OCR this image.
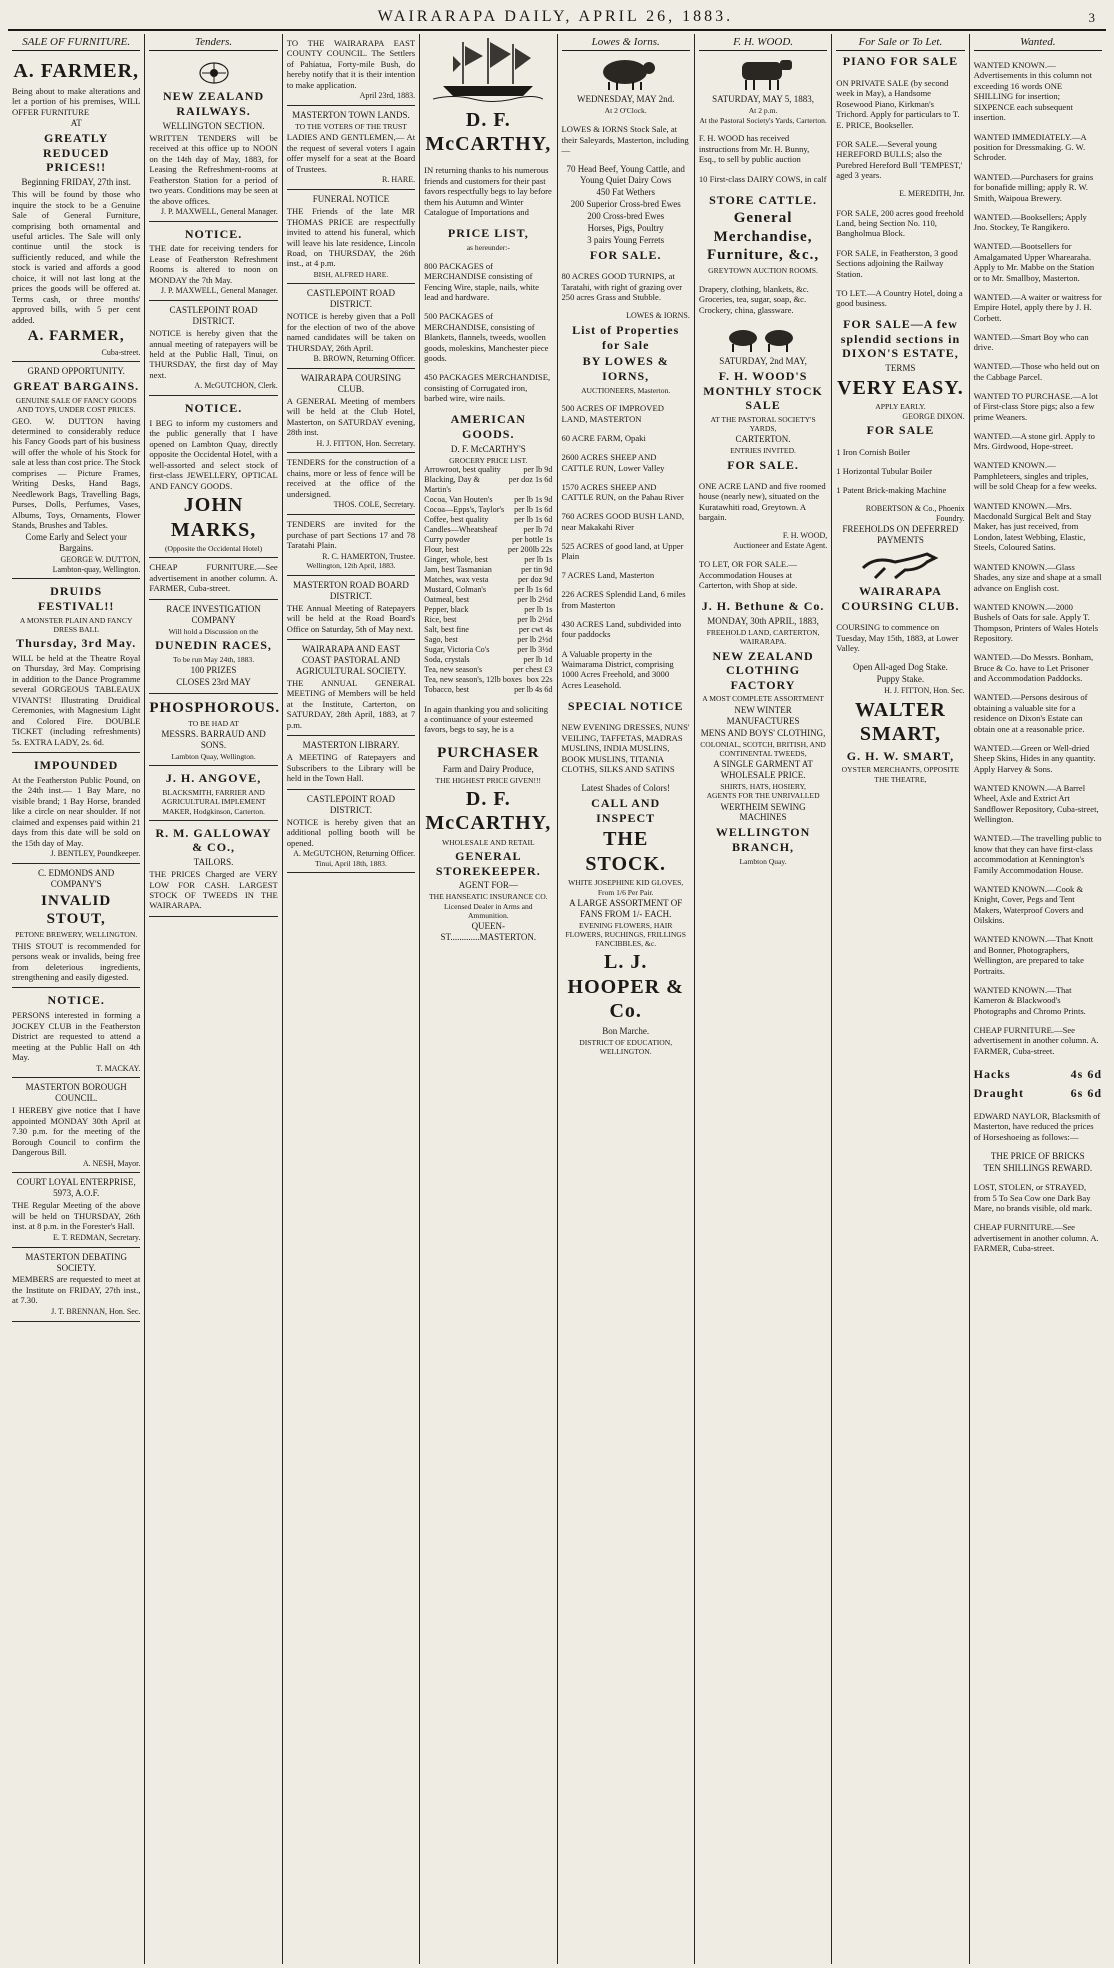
WAIRARAPA DAILY, APRIL 26, 1883.	3
SALE OF FURNITURE.
A. FARMER,

Being about to make alterations and let a portion of his premises, WILL OFFER FURNITURE

AT
GREATLY REDUCED PRICES!!
Beginning FRIDAY, 27th inst.

This will be found by those who inquire the stock to be a Genuine Sale of General Furniture, comprising both ornamental and useful articles. The Sale will only continue until the stock is sufficiently reduced, and while the stock is varied and affords a good choice, it will not last long at the prices the goods will be offered at. Terms cash, or three months' approved bills, with 5 per cent added.

A. FARMER,
Cuba-street.
GRAND OPPORTUNITY.
GREAT BARGAINS.
GENUINE SALE OF FANCY GOODS AND TOYS, UNDER COST PRICES.

GEO. W. DUTTON having determined to considerably reduce his Fancy Goods part of his business will offer the whole of his Stock for sale at less than cost price. The Stock comprises — Picture Frames, Writing Desks, Hand Bags, Needlework Bags, Travelling Bags, Purses, Dolls, Perfumes, Vases, Albums, Toys, Ornaments, Flower Stands, Brushes and Tables.

Come Early and Select your Bargains.
GEORGE W. DUTTON,
Lambton-quay, Wellington.
DRUIDS FESTIVAL!!
A MONSTER PLAIN AND FANCY DRESS BALL
Thursday, 3rd May.

WILL be held at the Theatre Royal on Thursday, 3rd May. Comprising in addition to the Dance Programme several GORGEOUS TABLEAUX VIVANTS! Illustrating Druidical Ceremonies, with Magnesium Light and Colored Fire. DOUBLE TICKET (including refreshments) 5s. EXTRA LADY, 2s. 6d.

IMPOUNDED

At the Featherston Public Pound, on the 24th inst.— 1 Bay Mare, no visible brand; 1 Bay Horse, branded like a circle on near shoulder. If not claimed and expenses paid within 21 days from this date will be sold on the 15th day of May.

J. BENTLEY, Poundkeeper.
C. EDMONDS AND COMPANY'S
INVALID STOUT,
PETONE BREWERY, WELLINGTON.

THIS STOUT is recommended for persons weak or invalids, being free from deleterious ingredients, strengthening and easily digested.

NOTICE.

PERSONS interested in forming a JOCKEY CLUB in the Featherston District are requested to attend a meeting at the Public Hall on 4th May.

T. MACKAY.
MASTERTON BOROUGH COUNCIL.

I HEREBY give notice that I have appointed MONDAY 30th April at 7.30 p.m. for the meeting of the Borough Council to confirm the Dangerous Bill.

A. NESH, Mayor.
COURT LOYAL ENTERPRISE, 5973, A.O.F.

THE Regular Meeting of the above will be held on THURSDAY, 26th inst. at 8 p.m. in the Forester's Hall.

E. T. REDMAN, Secretary.
MASTERTON DEBATING SOCIETY.

MEMBERS are requested to meet at the Institute on FRIDAY, 27th inst., at 7.30.

J. T. BRENNAN, Hon. Sec.
Tenders.
NEW ZEALAND RAILWAYS.
WELLINGTON SECTION.

WRITTEN TENDERS will be received at this office up to NOON on the 14th day of May, 1883, for Leasing the Refreshment-rooms at Featherston Station for a period of two years. Conditions may be seen at the above offices.

J. P. MAXWELL, General Manager.
NOTICE.

THE date for receiving tenders for Lease of Featherston Refreshment Rooms is altered to noon on MONDAY the 7th May.

J. P. MAXWELL, General Manager.
CASTLEPOINT ROAD DISTRICT.

NOTICE is hereby given that the annual meeting of ratepayers will be held at the Public Hall, Tinui, on THURSDAY, the first day of May next.

A. McGUTCHON, Clerk.
NOTICE.

I BEG to inform my customers and the public generally that I have opened on Lambton Quay, directly opposite the Occidental Hotel, with a well-assorted and select stock of first-class JEWELLERY, OPTICAL AND FANCY GOODS.

JOHN MARKS,
(Opposite the Occidental Hotel)

CHEAP FURNITURE.—See advertisement in another column. A. FARMER, Cuba-street.

RACE INVESTIGATION COMPANY
Will hold a Discussion on the
DUNEDIN RACES,
To be run May 24th, 1883.
100 PRIZES
CLOSES 23rd MAY
PHOSPHOROUS.
TO BE HAD AT
MESSRS. BARRAUD AND SONS.
Lambton Quay, Wellington.
J. H. ANGOVE,
BLACKSMITH, FARRIER AND AGRICULTURAL IMPLEMENT MAKER, Hodgkinson, Carterton.
R. M. GALLOWAY & CO.,
TAILORS.

THE PRICES Charged are VERY LOW FOR CASH. LARGEST STOCK OF TWEEDS IN THE WAIRARAPA.

TO THE WAIRARAPA EAST COUNTY COUNCIL. The Settlers of Pahiatua, Forty-mile Bush, do hereby notify that it is their intention to make application.

April 23rd, 1883.
MASTERTON TOWN LANDS.
TO THE VOTERS OF THE TRUST

LADIES AND GENTLEMEN,— At the request of several voters I again offer myself for a seat at the Board of Trustees.

R. HARE.
FUNERAL NOTICE

THE Friends of the late MR THOMAS PRICE are respectfully invited to attend his funeral, which will leave his late residence, Lincoln Road, on THURSDAY, the 26th inst., at 4 p.m.

BISH, ALFRED HARE.
CASTLEPOINT ROAD DISTRICT.

NOTICE is hereby given that a Poll for the election of two of the above named candidates will be taken on THURSDAY, 26th April.

B. BROWN, Returning Officer.
WAIRARAPA COURSING CLUB.

A GENERAL Meeting of members will be held at the Club Hotel, Masterton, on SATURDAY evening, 28th inst.

H. J. FITTON, Hon. Secretary.

TENDERS for the construction of a chains, more or less of fence will be received at the office of the undersigned.

THOS. COLE, Secretary.

TENDERS are invited for the purchase of part Sections 17 and 78 Taratahi Plain.

R. C. HAMERTON, Trustee.
Wellington, 12th April, 1883.
MASTERTON ROAD BOARD DISTRICT.

THE Annual Meeting of Ratepayers will be held at the Road Board's Office on Saturday, 5th of May next.

WAIRARAPA AND EAST COAST PASTORAL AND AGRICULTURAL SOCIETY.

THE ANNUAL GENERAL MEETING of Members will be held at the Institute, Carterton, on SATURDAY, 28th April, 1883, at 7 p.m.

MASTERTON LIBRARY.

A MEETING of Ratepayers and Subscribers to the Library will be held in the Town Hall.

CASTLEPOINT ROAD DISTRICT.

NOTICE is hereby given that an additional polling booth will be opened.

A. McGUTCHON, Returning Officer.
Tinui, April 18th, 1883.
D. F. McCARTHY,

IN returning thanks to his numerous friends and customers for their past favors respectfully begs to lay before them his Autumn and Winter Catalogue of Importations and

PRICE LIST,
as hereunder:-

800 PACKAGES of MERCHANDISE consisting of Fencing Wire, staple, nails, white lead and hardware.

500 PACKAGES of MERCHANDISE, consisting of Blankets, flannels, tweeds, woollen goods, moleskins, Manchester piece goods.

450 PACKAGES MERCHANDISE, consisting of Corrugated iron, barbed wire, wire nails.

AMERICAN GOODS.
D. F. McCARTHY'S
GROCERY PRICE LIST.
Arrowroot, best quality	per lb 9d
Blacking, Day & Martin's
per doz 1s 6d
Cocoa, Van Houten's	per lb 1s 9d
Cocoa—Epps's, Taylor's	per lb 1s 6d
Coffee, best quality	per lb 1s 6d
Candles—Wheatsheaf	per lb 7d
Curry powder	per bottle 1s
Flour, best	per 200lb 22s
Ginger, whole, best	per lb 1s
Jam, best Tasmanian	per tin 9d
Matches, wax vesta	per doz 9d
Mustard, Colman's	per lb 1s 6d
Oatmeal, best	per lb 2½d
Pepper, black	per lb 1s
Rice, best	per lb 2½d
Salt, best fine	per cwt 4s
Sago, best	per lb 2½d
Sugar, Victoria Co's	per lb 3½d
Soda, crystals	per lb 1d
Tea, new season's	per chest £3
Tea, new season's, 12lb boxes box 22s
Tobacco, best	per lb 4s 6d

In again thanking you and soliciting a continuance of your esteemed favors, begs to say, he is a

PURCHASER
Farm and Dairy Produce,
THE HIGHEST PRICE GIVEN!!!
D. F. McCARTHY,
WHOLESALE AND RETAIL
GENERAL STOREKEEPER.
AGENT FOR—
THE HANSEATIC INSURANCE CO.
Licensed Dealer in Arms and Ammunition.
QUEEN-ST.............MASTERTON.
Lowes & Iorns.
WEDNESDAY, MAY 2nd.
At 2 O'Clock.

LOWES & IORNS Stock Sale, at their Saleyards, Masterton, including—

70 Head Beef, Young Cattle, and Young Quiet Dairy Cows

450 Fat Wethers

200 Superior Cross-bred Ewes

200 Cross-bred Ewes

Horses, Pigs, Poultry

3 pairs Young Ferrets

FOR SALE.

80 ACRES GOOD TURNIPS, at Taratahi, with right of grazing over 250 acres Grass and Stubble.

LOWES & IORNS.
List of Properties for Sale
BY LOWES & IORNS,
AUCTIONEERS, Masterton.

500 ACRES OF IMPROVED LAND, MASTERTON

60 ACRE FARM, Opaki

2600 ACRES SHEEP AND CATTLE RUN, Lower Valley

1570 ACRES SHEEP AND CATTLE RUN, on the Pahau River

760 ACRES GOOD BUSH LAND, near Makakahi River

525 ACRES of good land, at Upper Plain

7 ACRES Land, Masterton

226 ACRES Splendid Land, 6 miles from Masterton

430 ACRES Land, subdivided into four paddocks

A Valuable property in the Waimarama District, comprising 1000 Acres Freehold, and 3000 Acres Leasehold.

SPECIAL NOTICE

NEW EVENING DRESSES, NUNS' VEILING, TAFFETAS, MADRAS MUSLINS, INDIA MUSLINS, BOOK MUSLINS, TITANIA CLOTHS, SILKS AND SATINS

Latest Shades of Colors!
CALL AND INSPECT
THE STOCK.
WHITE JOSEPHINE KID GLOVES, From 1/6 Per Pair.
A LARGE ASSORTMENT OF FANS FROM 1/- EACH.
EVENING FLOWERS, HAIR FLOWERS, RUCHINGS, FRILLINGS FANCIBBLES, &c.
L. J. HOOPER & Co.
Bon Marche.
DISTRICT OF EDUCATION, WELLINGTON.
F. H. WOOD.
SATURDAY, MAY 5, 1883,
At 2 p.m.
At the Pastoral Society's Yards, Carterton.

F. H. WOOD has received instructions from Mr. H. Bunny, Esq., to sell by public auction

10 First-class DAIRY COWS, in calf

STORE CATTLE.
General Merchandise, Furniture, &c.,
GREYTOWN AUCTION ROOMS.

Drapery, clothing, blankets, &c. Groceries, tea, sugar, soap, &c. Crockery, china, glassware.

SATURDAY, 2nd MAY,
F. H. WOOD'S MONTHLY STOCK SALE
AT THE PASTORAL SOCIETY'S YARDS,
CARTERTON.
ENTRIES INVITED.
FOR SALE.

ONE ACRE LAND and five roomed house (nearly new), situated on the Kuratawhiti road, Greytown. A bargain.

F. H. WOOD,
Auctioneer and Estate Agent.

TO LET, OR FOR SALE.—Accommodation Houses at Carterton, with Shop at side.

J. H. Bethune & Co.
MONDAY, 30th APRIL, 1883,
FREEHOLD LAND, CARTERTON, WAIRARAPA.
NEW ZEALAND CLOTHING FACTORY
A MOST COMPLETE ASSORTMENT
NEW WINTER MANUFACTURES
MENS AND BOYS' CLOTHING,
COLONIAL, SCOTCH, BRITISH, AND CONTINENTAL TWEEDS,
A SINGLE GARMENT AT WHOLESALE PRICE.
SHIRTS, HATS, HOSIERY,
AGENTS FOR THE UNRIVALLED
WERTHEIM SEWING MACHINES
WELLINGTON BRANCH,
Lambton Quay.
For Sale or To Let.
PIANO FOR SALE

ON PRIVATE SALE (by second week in May), a Handsome Rosewood Piano, Kirkman's Trichord. Apply for particulars to T. E. PRICE, Bookseller.

FOR SALE.—Several young HEREFORD BULLS; also the Purebred Hereford Bull 'TEMPEST,' aged 3 years.

E. MEREDITH, Jnr.

FOR SALE, 200 acres good freehold Land, being Section No. 110, Bangholmua Block.

FOR SALE, in Featherston, 3 good Sections adjoining the Railway Station.

TO LET.—A Country Hotel, doing a good business.

FOR SALE—A few splendid sections in DIXON'S ESTATE,
TERMS
VERY EASY.
APPLY EARLY.
GEORGE DIXON.
FOR SALE

1 Iron Cornish Boiler

1 Horizontal Tubular Boiler

1 Patent Brick-making Machine

ROBERTSON & Co., Phoenix Foundry.
FREEHOLDS ON DEFERRED PAYMENTS
WAIRARAPA COURSING CLUB.

COURSING to commence on Tuesday, May 15th, 1883, at Lower Valley.

Open All-aged Dog Stake.
Puppy Stake.
H. J. FITTON, Hon. Sec.
WALTER SMART,
G. H. W. SMART,
OYSTER MERCHANTS, OPPOSITE THE THEATRE,
Wanted.

WANTED KNOWN.—Advertisements in this column not exceeding 16 words ONE SHILLING for insertion; SIXPENCE each subsequent insertion.

WANTED IMMEDIATELY.—A position for Dressmaking. G. W. Schroder.

WANTED.—Purchasers for grains for bonafide milling; apply R. W. Smith, Waipoua Brewery.

WANTED.—Booksellers; Apply Jno. Stockey, Te Rangikero.

WANTED.—Bootsellers for Amalgamated Upper Wharearaha. Apply to Mr. Mabbe on the Station or to Mr. Smallboy, Masterton.

WANTED.—A waiter or waitress for Empire Hotel, apply there by J. H. Corbett.

WANTED.—Smart Boy who can drive.

WANTED.—Those who held out on the Cabbage Parcel.

WANTED TO PURCHASE.—A lot of First-class Store pigs; also a few prime Weaners.

WANTED.—A stone girl. Apply to Mrs. Girdwood, Hope-street.

WANTED KNOWN.—Pamphleteers, singles and triples, will be sold Cheap for a few weeks.

WANTED KNOWN.—Mrs. Macdonald Surgical Belt and Stay Maker, has just received, from London, latest Webbing, Elastic, Steels, Coloured Satins.

WANTED KNOWN.—Glass Shades, any size and shape at a small advance on English cost.

WANTED KNOWN.—2000 Bushels of Oats for sale. Apply T. Thompson, Printers of Wales Hotels Repository.

WANTED.—Do Messrs. Bonham, Bruce & Co. have to Let Prisoner and Accommodation Paddocks.

WANTED.—Persons desirous of obtaining a valuable site for a residence on Dixon's Estate can obtain one at a reasonable price.

WANTED.—Green or Well-dried Sheep Skins, Hides in any quantity. Apply Harvey & Sons.

WANTED KNOWN.—A Barrel Wheel, Axle and Extrict Art Sandflower Repository, Cuba-street, Wellington.

WANTED.—The travelling public to know that they can have first-class accommodation at Kennington's Family Accommodation House.

WANTED KNOWN.—Cook & Knight, Cover, Pegs and Tent Makers, Waterproof Covers and Oilskins.

WANTED KNOWN.—That Knott and Bonner, Photographers, Wellington, are prepared to take Portraits.

WANTED KNOWN.—That Kameron & Blackwood's Photographs and Chromo Prints.

CHEAP FURNITURE.—See advertisement in another column. A. FARMER, Cuba-street.

Hacks	4s 6d
Draught	6s 6d

EDWARD NAYLOR, Blacksmith of Masterton, have reduced the prices of Horseshoeing as follows:—

THE PRICE OF BRICKS
TEN SHILLINGS REWARD.

LOST, STOLEN, or STRAYED, from 5 To Sea Cow one Dark Bay Mare, no brands visible, old mark.

CHEAP FURNITURE.—See advertisement in another column. A. FARMER, Cuba-street.
